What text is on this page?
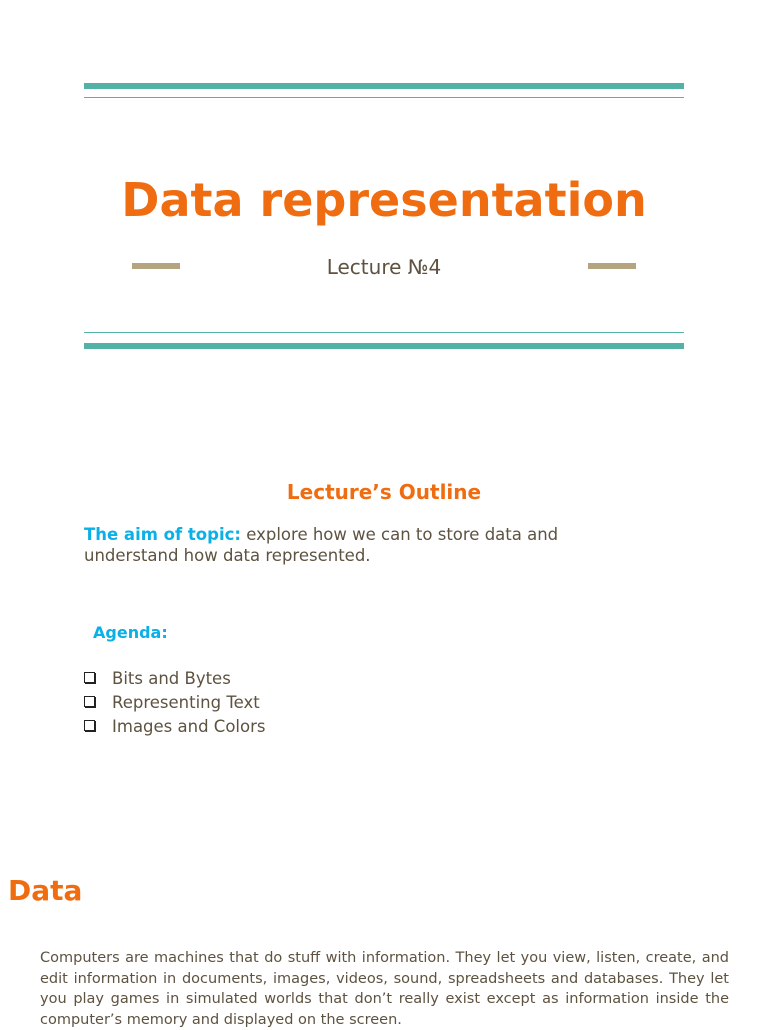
Data representation
Lecture №4
Lecture’s Outline
The aim of topic: explore how we can to store data and understand how data represented.
Agenda:
Bits and Bytes
Representing Text
Images and Colors
Data
Computers are machines that do stuff with information. They let you view, listen, create, and edit information in documents, images, videos, sound, spreadsheets and databases. They let you play games in simulated worlds that don’t really exist except as information inside the computer’s memory and displayed on the screen.
